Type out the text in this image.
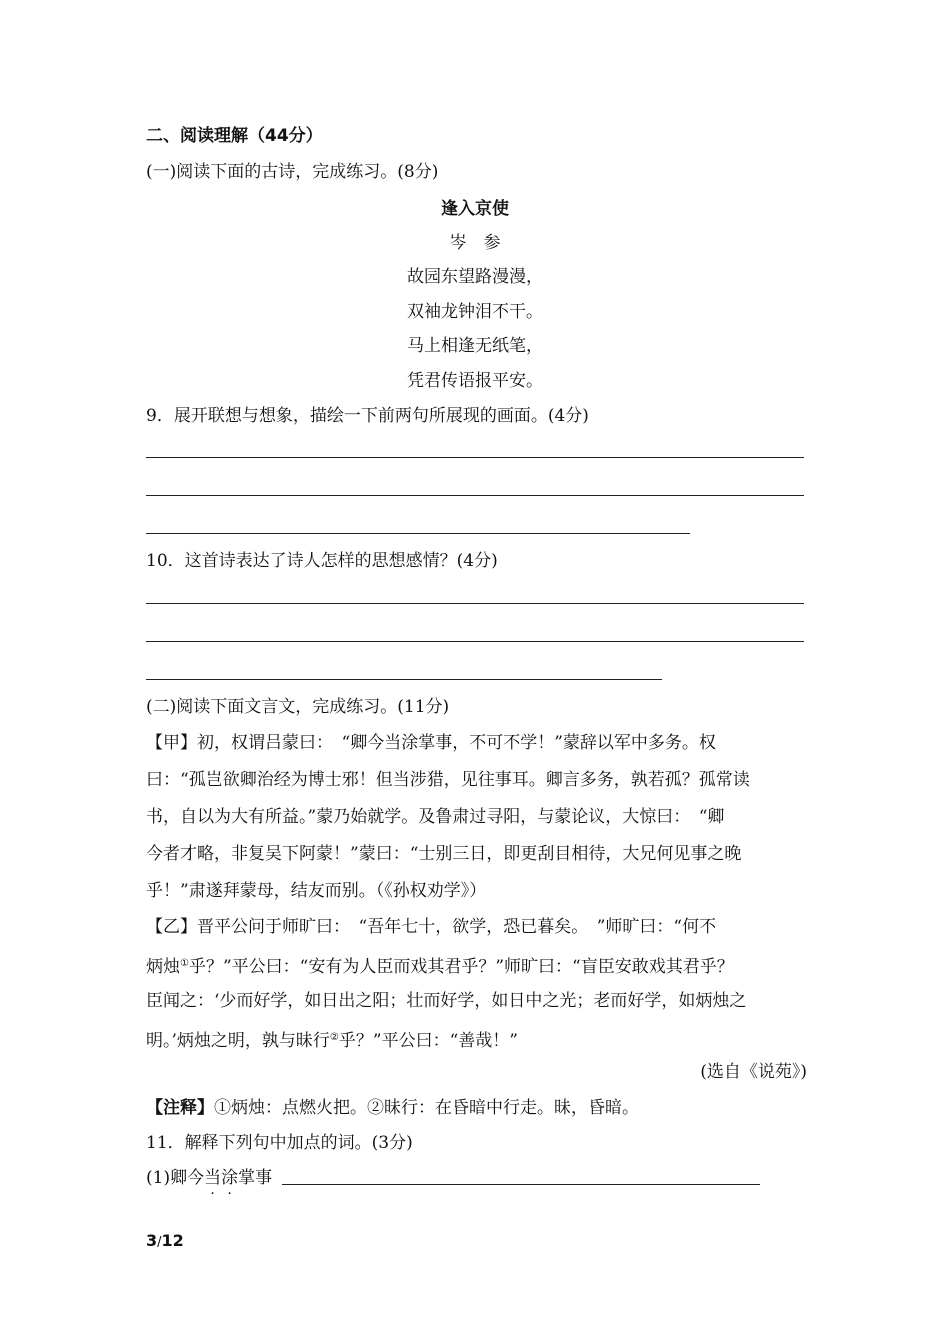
二、阅读理解（44分）
(一)阅读下面的古诗，完成练习。(8分)
逢入京使
岑　参
故园东望路漫漫，
双袖龙钟泪不干。
马上相逢无纸笔，
凭君传语报平安。
9．展开联想与想象，描绘一下前两句所展现的画面。(4分)
10．这首诗表达了诗人怎样的思想感情？(4分)
(二)阅读下面文言文，完成练习。(11分)
【甲】初，权谓吕蒙曰：　“卿今当涂掌事，不可不学！”蒙辞以军中多务。权
曰：“孤岂欲卿治经为博士邪！但当涉猎，见往事耳。卿言多务，孰若孤？孤常读
书，自以为大有所益。”蒙乃始就学。及鲁肃过寻阳，与蒙论议，大惊曰：　“卿
今者才略，非复吴下阿蒙！”蒙曰：“士别三日，即更刮目相待，大兄何见事之晚
乎！”肃遂拜蒙母，结友而别。（《孙权劝学》）
【乙】晋平公问于师旷曰：　“吾年七十，欲学，恐已暮矣。　”师旷曰：“何不
炳烛①乎？”平公曰：“安有为人臣而戏其君乎？”师旷曰：“盲臣安敢戏其君乎？
臣闻之：‘少而好学，如日出之阳；壮而好学，如日中之光；老而好学，如炳烛之
明。’炳烛之明，孰与昧行②乎？”平公曰：“善哉！”
(选自《说苑》)
【注释】①炳烛：点燃火把。②昧行：在昏暗中行走。昧，昏暗。
11．解释下列句中加点的词。(3分)
(1)卿今当涂掌事
3/12
